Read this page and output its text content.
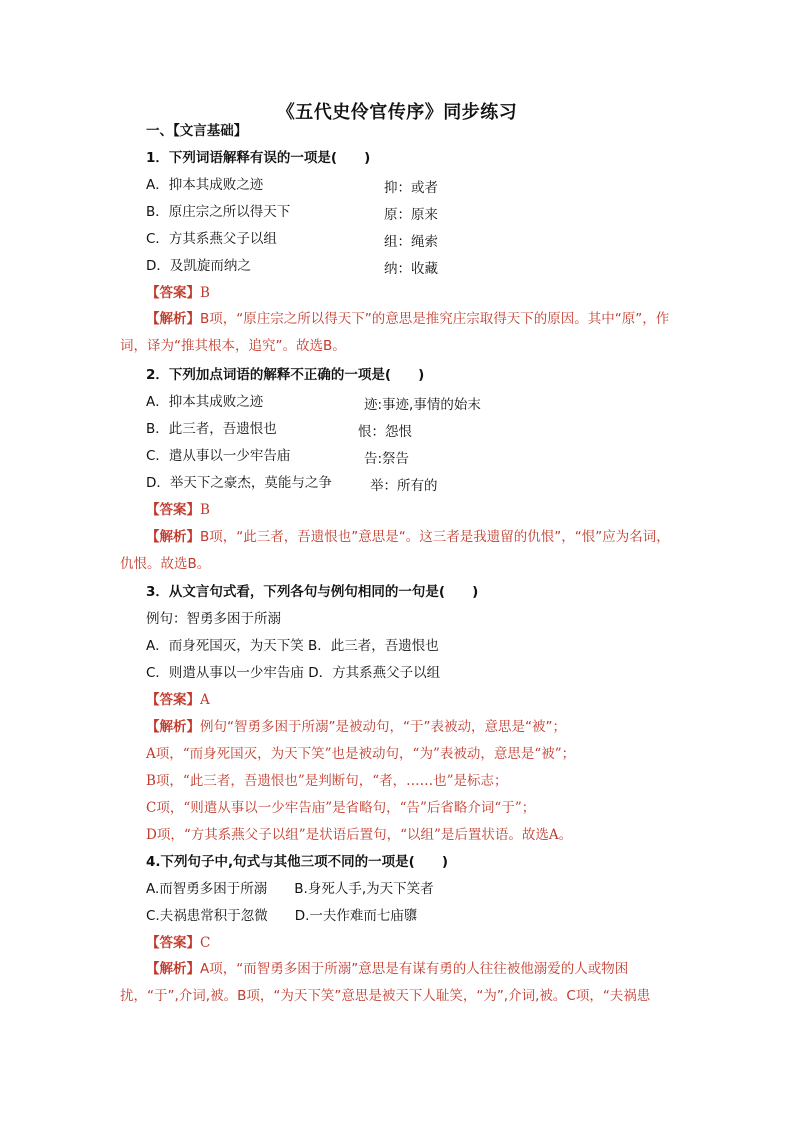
《五代史伶官传序》同步练习
一、【文言基础】
1．下列词语解释有误的一项是(　　)
A．抑本其成败之迹	抑：或者
B．原庄宗之所以得天下	原：原来
C．方其系燕父子以组	组：绳索
D．及凯旋而纳之	纳：收藏
【答案】B
【解析】B项，“原庄宗之所以得天下”的意思是推究庄宗取得天下的原因。其中“原”，作词，译为“推其根本，追究”。故选B。
2．下列加点词语的解释不正确的一项是(　　)
A．抑本其成败之迹	迹:事迹,事情的始末
B．此三者，吾遗恨也	恨：怨恨
C．遣从事以一少牢告庙	告:祭告
D．举天下之豪杰，莫能与之争	举：所有的
【答案】B
【解析】B项，“此三者，吾遗恨也”意思是“。这三者是我遗留的仇恨”，“恨”应为名词，仇恨。故选B。
3．从文言句式看，下列各句与例句相同的一句是(　　)
例句：智勇多困于所溺
A．而身死国灭，为天下笑 B．此三者，吾遗恨也
C．则遣从事以一少牢告庙 D．方其系燕父子以组
【答案】A
【解析】例句“智勇多困于所溺”是被动句，“于”表被动，意思是“被”；
A项，“而身死国灭，为天下笑”也是被动句，“为”表被动，意思是“被”；
B项，“此三者，吾遗恨也”是判断句，“者，……也”是标志；
C项，“则遣从事以一少牢告庙”是省略句，“告”后省略介词“于”；
D项，“方其系燕父子以组”是状语后置句，“以组”是后置状语。故选A。
4.下列句子中,句式与其他三项不同的一项是(　　)
A.而智勇多困于所溺　　B.身死人手,为天下笑者
C.夫祸患常积于忽微　　D.一夫作难而七庙隳
【答案】C
【解析】A项，“而智勇多困于所溺”意思是有谋有勇的人往往被他溺爱的人或物困扰，“于”,介词,被。B项，“为天下笑”意思是被天下人耻笑，“为”,介词,被。C项，“夫祸患
